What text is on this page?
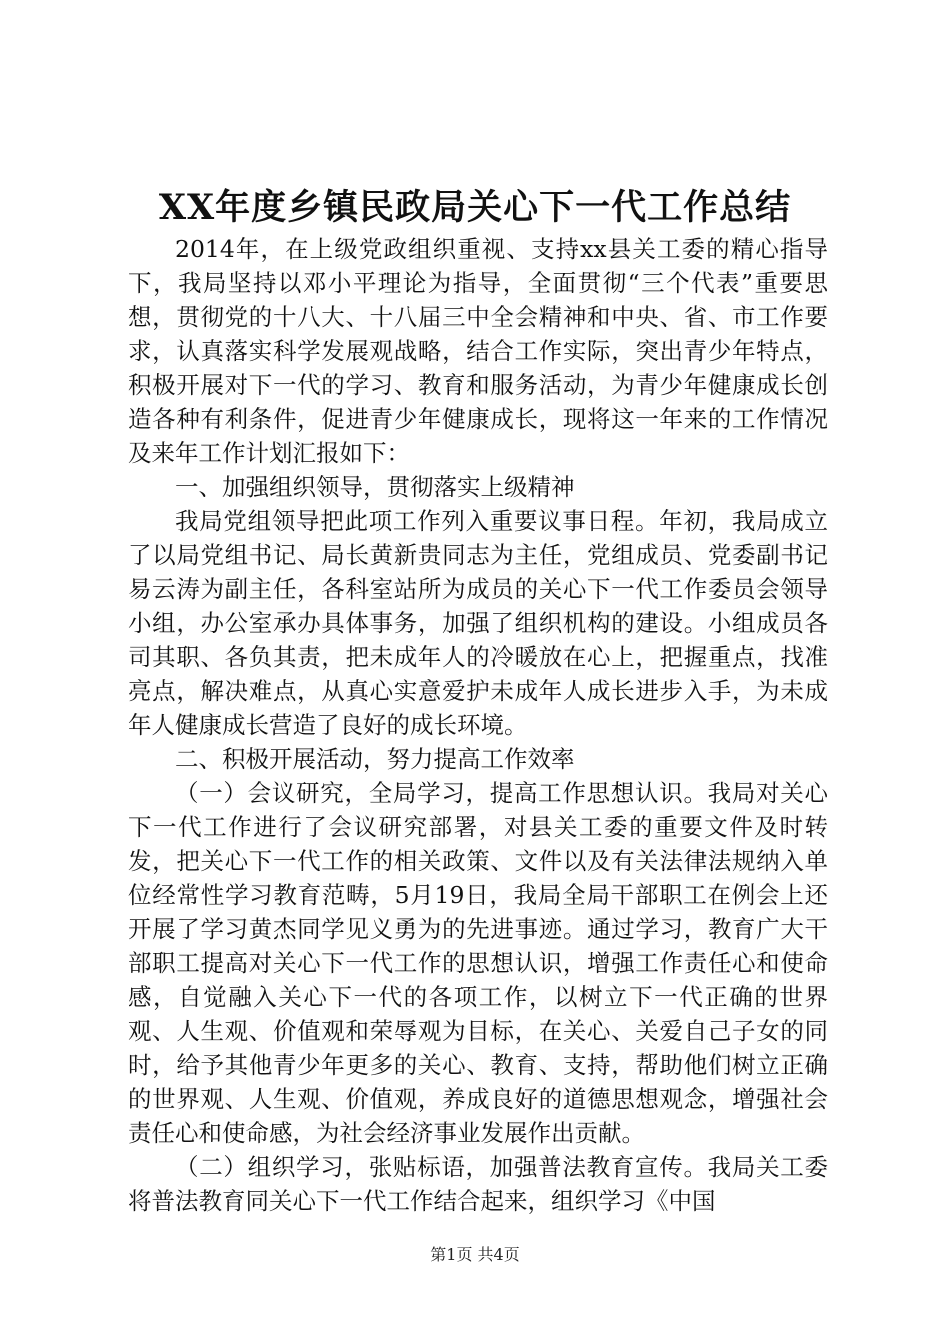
XX年度乡镇民政局关心下一代工作总结

2014年，在上级党政组织重视、支持xx县关工委的精心指导下，我局坚持以邓小平理论为指导，全面贯彻“三个代表”重要思想，贯彻党的十八大、十八届三中全会精神和中央、省、市工作要求，认真落实科学发展观战略，结合工作实际，突出青少年特点，积极开展对下一代的学习、教育和服务活动，为青少年健康成长创造各种有利条件，促进青少年健康成长，现将这一年来的工作情况及来年工作计划汇报如下：

一、加强组织领导，贯彻落实上级精神

我局党组领导把此项工作列入重要议事日程。年初，我局成立了以局党组书记、局长黄新贵同志为主任，党组成员、党委副书记易云涛为副主任，各科室站所为成员的关心下一代工作委员会领导小组，办公室承办具体事务，加强了组织机构的建设。小组成员各司其职、各负其责，把未成年人的冷暖放在心上，把握重点，找准亮点，解决难点，从真心实意爱护未成年人成长进步入手，为未成年人健康成长营造了良好的成长环境。

二、积极开展活动，努力提高工作效率

（一）会议研究，全局学习，提高工作思想认识。我局对关心下一代工作进行了会议研究部署，对县关工委的重要文件及时转发，把关心下一代工作的相关政策、文件以及有关法律法规纳入单位经常性学习教育范畴，5月19日，我局全局干部职工在例会上还开展了学习黄杰同学见义勇为的先进事迹。通过学习，教育广大干部职工提高对关心下一代工作的思想认识，增强工作责任心和使命感，自觉融入关心下一代的各项工作，以树立下一代正确的世界观、人生观、价值观和荣辱观为目标，在关心、关爱自己子女的同时，给予其他青少年更多的关心、教育、支持，帮助他们树立正确的世界观、人生观、价值观，养成良好的道德思想观念，增强社会责任心和使命感，为社会经济事业发展作出贡献。

（二）组织学习，张贴标语，加强普法教育宣传。我局关工委将普法教育同关心下一代工作结合起来，组织学习《中国

第1页 共4页
